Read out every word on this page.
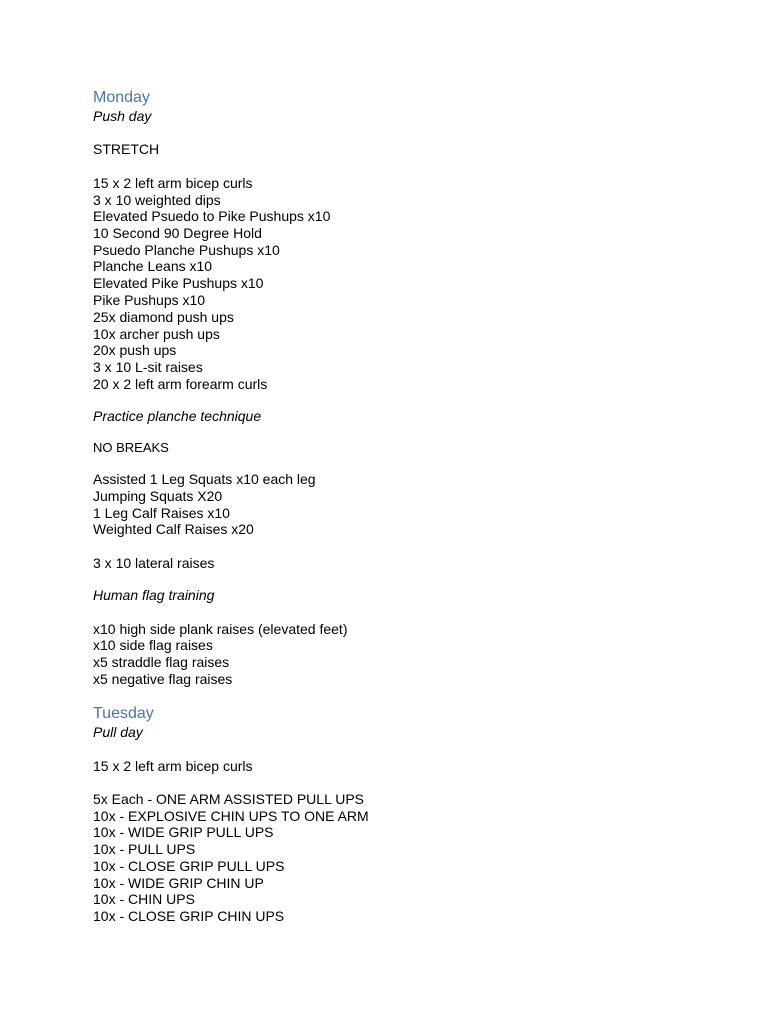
Monday
Push day
STRETCH
15 x 2 left arm bicep curls
3 x 10 weighted dips
Elevated Psuedo to Pike Pushups x10
10 Second 90 Degree Hold
Psuedo Planche Pushups x10
Planche Leans x10
Elevated Pike Pushups x10
Pike Pushups x10
25x diamond push ups
10x archer push ups
20x push ups
3 x 10 L-sit raises
20 x 2 left arm forearm curls
Practice planche technique
NO BREAKS
Assisted 1 Leg Squats x10 each leg
Jumping Squats X20
1 Leg Calf Raises x10
Weighted Calf Raises x20
3 x 10 lateral raises
Human flag training
x10 high side plank raises (elevated feet)
x10 side flag raises
x5 straddle flag raises
x5 negative flag raises
Tuesday
Pull day
15 x 2 left arm bicep curls
5x Each - ONE ARM ASSISTED PULL UPS
10x - EXPLOSIVE CHIN UPS TO ONE ARM
10x - WIDE GRIP PULL UPS
10x - PULL UPS
10x - CLOSE GRIP PULL UPS
10x - WIDE GRIP CHIN UP
10x - CHIN UPS
10x - CLOSE GRIP CHIN UPS
